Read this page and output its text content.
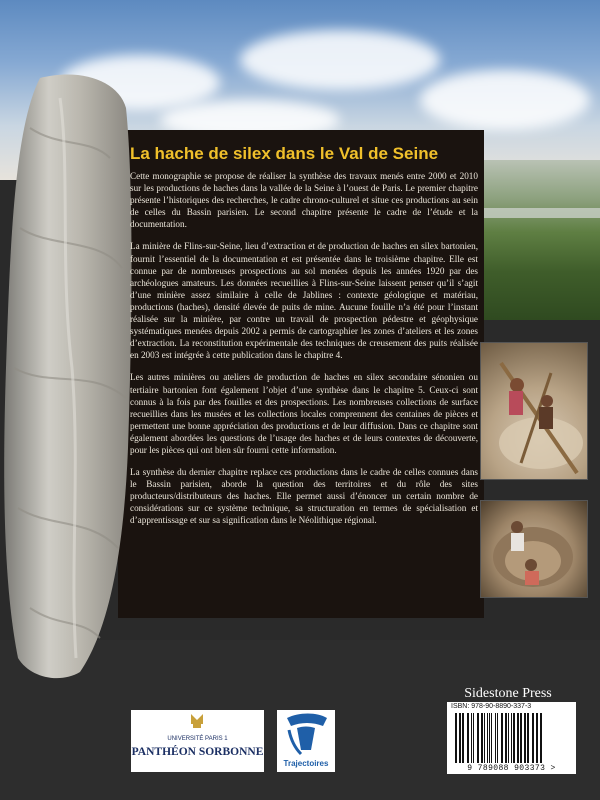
La hache de silex dans le Val de Seine

Cette monographie se propose de réaliser la synthèse des travaux menés entre 2000 et 2010 sur les productions de haches dans la vallée de la Seine à l’ouest de Paris. Le premier chapitre présente l’historiques des recherches, le cadre chrono-culturel et situe ces productions au sein de celles du Bassin parisien. Le second chapitre présente le cadre de l’étude et la documentation.

La minière de Flins-sur-Seine, lieu d’extraction et de production de haches en silex bartonien, fournit l’essentiel de la documentation et est présentée dans le troisième chapitre. Elle est connue par de nombreuses prospections au sol menées depuis les années 1920 par des archéologues amateurs. Les données recueillies à Flins-sur-Seine laissent penser qu’il s’agit d’une minière assez similaire à celle de Jablines : contexte géologique et matériau, productions (haches), densité élevée de puits de mine. Aucune fouille n’a été pour l’instant réalisée sur la minière, par contre un travail de prospection pédestre et géophysique systématiques menées depuis 2002 a permis de cartographier les zones d’ateliers et les zones d’extraction. La reconstitution expérimentale des techniques de creusement des puits réalisée en 2003 est intégrée à cette publication dans le chapitre 4.

Les autres minières ou ateliers de production de haches en silex secondaire sénonien ou tertiaire bartonien font également l’objet d’une synthèse dans le chapitre 5. Ceux-ci sont connus à la fois par des fouilles et des prospections. Les nombreuses collections de surface recueillies dans les musées et les collections locales comprennent des centaines de pièces et permettent une bonne appréciation des productions et de leur diffusion. Dans ce chapitre sont également abordées les questions de l’usage des haches et de leurs contextes de découverte, pour les pièces qui ont bien sûr fourni cette information.

La synthèse du dernier chapitre replace ces productions dans le cadre de celles connues dans le Bassin parisien, aborde la question des territoires et du rôle des sites producteurs/distributeurs des haches. Elle permet aussi d’énoncer un certain nombre de considérations sur ce système technique, sa structuration en termes de spécialisation et d’apprentissage et sur sa signification dans le Néolithique régional.

UNIVERSITÉ PARIS 1
PANTHÉON SORBONNE
Trajectoires
Sidestone Press
ISBN: 978-90-8890-337-3
9 789088 903373 >
